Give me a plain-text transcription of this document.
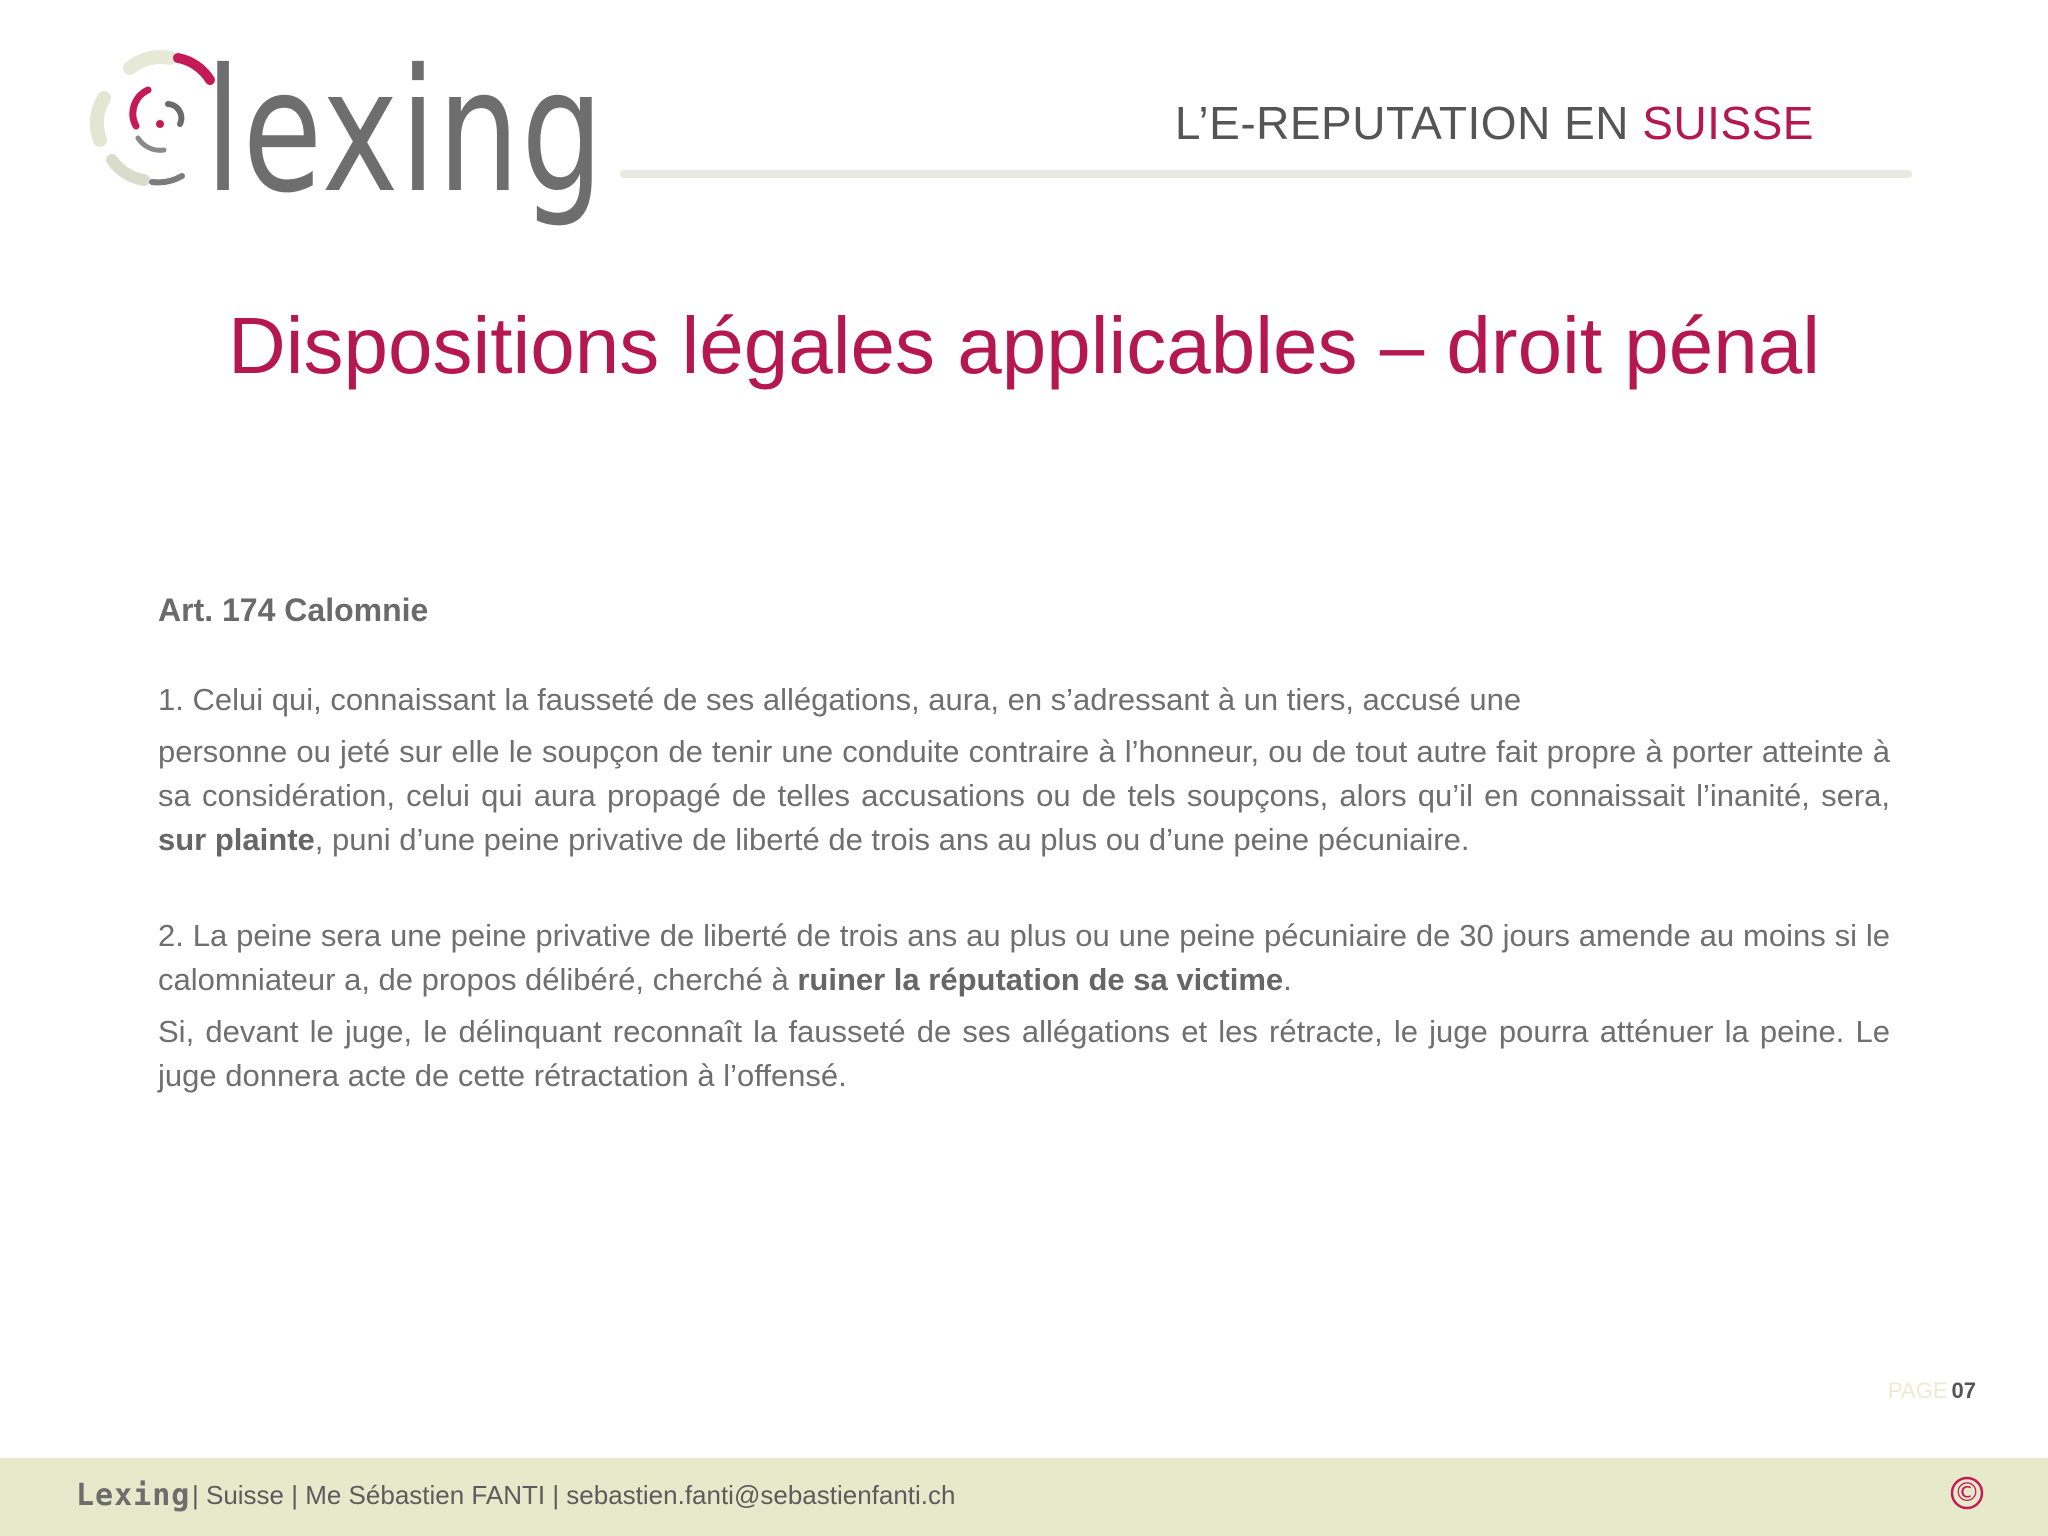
lexing	L’E-REPUTATION EN SUISSE
Dispositions légales applicables – droit pénal

Art. 174 Calomnie

1. Celui qui, connaissant la fausseté de ses allégations, aura, en s’adressant à un tiers, accusé une

personne ou jeté sur elle le soupçon de tenir une conduite contraire à l’honneur, ou de tout autre fait propre à porter atteinte à sa considération, celui qui aura propagé de telles accusations ou de tels soupçons, alors qu’il en connaissait l’inanité, sera, sur plainte, puni d’une peine privative de liberté de trois ans au plus ou d’une peine pécuniaire.

2. La peine sera une peine privative de liberté de trois ans au plus ou une peine pécuniaire de 30 jours amende au moins si le calomniateur a, de propos délibéré, cherché à ruiner la réputation de sa victime.

Si, devant le juge, le délinquant reconnaît la fausseté de ses allégations et les rétracte, le juge pourra atténuer la peine. Le juge donnera acte de cette rétractation à l’offensé.

PAGE 07
Lexing | Suisse | Me Sébastien FANTI | sebastien.fanti@sebastienfanti.ch	©
